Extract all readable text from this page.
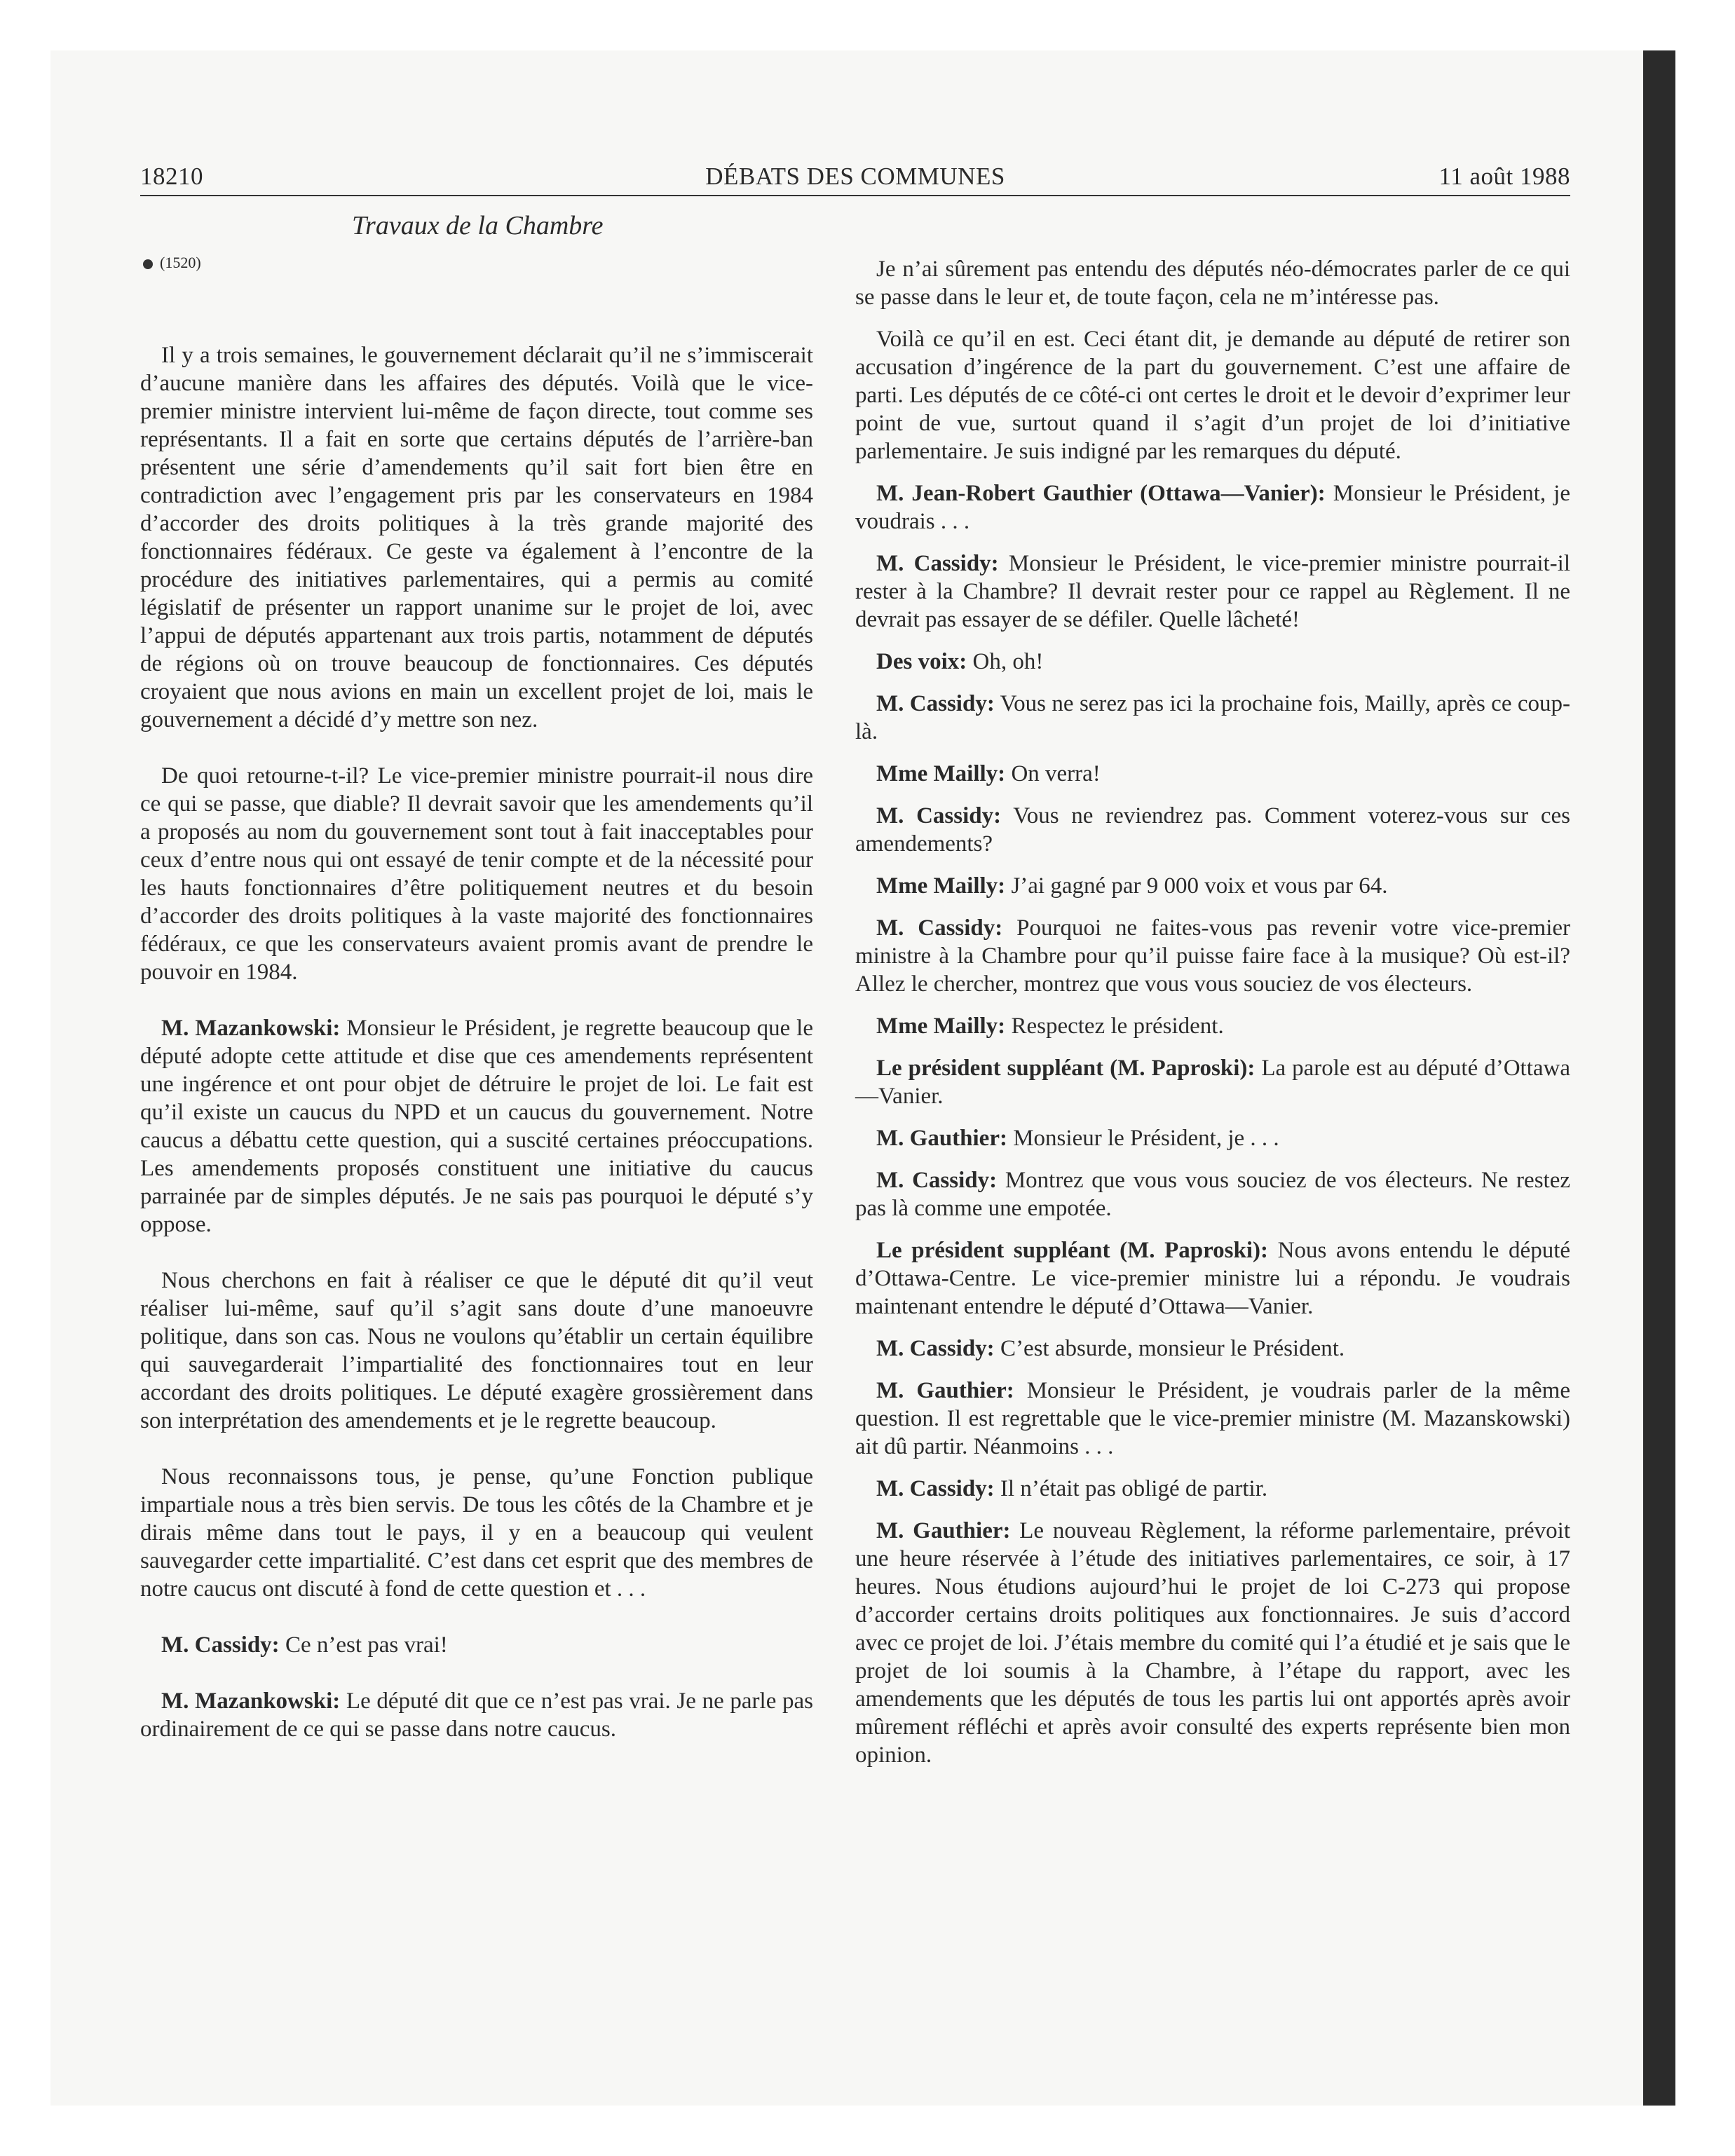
18210	DÉBATS DES COMMUNES	11 août 1988
Travaux de la Chambre
(1520)

Il y a trois semaines, le gouvernement déclarait qu’il ne s’immiscerait d’aucune manière dans les affaires des députés. Voilà que le vice-premier ministre intervient lui-même de façon directe, tout comme ses représentants. Il a fait en sorte que certains députés de l’arrière-ban présentent une série d’amendements qu’il sait fort bien être en contradiction avec l’engagement pris par les conservateurs en 1984 d’accorder des droits politiques à la très grande majorité des fonctionnaires fédéraux. Ce geste va également à l’encontre de la procédure des initiatives parlementaires, qui a permis au comité législatif de présenter un rapport unanime sur le projet de loi, avec l’appui de députés appartenant aux trois partis, notamment de députés de régions où on trouve beaucoup de fonctionnaires. Ces députés croyaient que nous avions en main un excellent projet de loi, mais le gouvernement a décidé d’y mettre son nez.

De quoi retourne-t-il? Le vice-premier ministre pourrait-il nous dire ce qui se passe, que diable? Il devrait savoir que les amendements qu’il a proposés au nom du gouvernement sont tout à fait inacceptables pour ceux d’entre nous qui ont essayé de tenir compte et de la nécessité pour les hauts fonctionnaires d’être politiquement neutres et du besoin d’accorder des droits politiques à la vaste majorité des fonctionnaires fédéraux, ce que les conservateurs avaient promis avant de prendre le pouvoir en 1984.

M. Mazankowski: Monsieur le Président, je regrette beaucoup que le député adopte cette attitude et dise que ces amendements représentent une ingérence et ont pour objet de détruire le projet de loi. Le fait est qu’il existe un caucus du NPD et un caucus du gouvernement. Notre caucus a débattu cette question, qui a suscité certaines préoccupations. Les amendements proposés constituent une initiative du caucus parrainée par de simples députés. Je ne sais pas pourquoi le député s’y oppose.

Nous cherchons en fait à réaliser ce que le député dit qu’il veut réaliser lui-même, sauf qu’il s’agit sans doute d’une manoeuvre politique, dans son cas. Nous ne voulons qu’établir un certain équilibre qui sauvegarderait l’impartialité des fonctionnaires tout en leur accordant des droits politiques. Le député exagère grossièrement dans son interprétation des amendements et je le regrette beaucoup.

Nous reconnaissons tous, je pense, qu’une Fonction publique impartiale nous a très bien servis. De tous les côtés de la Chambre et je dirais même dans tout le pays, il y en a beaucoup qui veulent sauvegarder cette impartialité. C’est dans cet esprit que des membres de notre caucus ont discuté à fond de cette question et . . .

M. Cassidy: Ce n’est pas vrai!

M. Mazankowski: Le député dit que ce n’est pas vrai. Je ne parle pas ordinairement de ce qui se passe dans notre caucus.

Je n’ai sûrement pas entendu des députés néo-démocrates parler de ce qui se passe dans le leur et, de toute façon, cela ne m’intéresse pas.

Voilà ce qu’il en est. Ceci étant dit, je demande au député de retirer son accusation d’ingérence de la part du gouvernement. C’est une affaire de parti. Les députés de ce côté-ci ont certes le droit et le devoir d’exprimer leur point de vue, surtout quand il s’agit d’un projet de loi d’initiative parlementaire. Je suis indigné par les remarques du député.

M. Jean-Robert Gauthier (Ottawa—Vanier): Monsieur le Président, je voudrais . . .

M. Cassidy: Monsieur le Président, le vice-premier ministre pourrait-il rester à la Chambre? Il devrait rester pour ce rappel au Règlement. Il ne devrait pas essayer de se défiler. Quelle lâcheté!

Des voix: Oh, oh!

M. Cassidy: Vous ne serez pas ici la prochaine fois, Mailly, après ce coup-là.

Mme Mailly: On verra!

M. Cassidy: Vous ne reviendrez pas. Comment voterez-vous sur ces amendements?

Mme Mailly: J’ai gagné par 9 000 voix et vous par 64.

M. Cassidy: Pourquoi ne faites-vous pas revenir votre vice-premier ministre à la Chambre pour qu’il puisse faire face à la musique? Où est-il? Allez le chercher, montrez que vous vous souciez de vos électeurs.

Mme Mailly: Respectez le président.

Le président suppléant (M. Paproski): La parole est au député d’Ottawa—Vanier.

M. Gauthier: Monsieur le Président, je . . .

M. Cassidy: Montrez que vous vous souciez de vos électeurs. Ne restez pas là comme une empotée.

Le président suppléant (M. Paproski): Nous avons entendu le député d’Ottawa-Centre. Le vice-premier ministre lui a répondu. Je voudrais maintenant entendre le député d’Ottawa—Vanier.

M. Cassidy: C’est absurde, monsieur le Président.

M. Gauthier: Monsieur le Président, je voudrais parler de la même question. Il est regrettable que le vice-premier ministre (M. Mazanskowski) ait dû partir. Néanmoins . . .

M. Cassidy: Il n’était pas obligé de partir.

M. Gauthier: Le nouveau Règlement, la réforme parlementaire, prévoit une heure réservée à l’étude des initiatives parlementaires, ce soir, à 17 heures. Nous étudions aujourd’hui le projet de loi C-273 qui propose d’accorder certains droits politiques aux fonctionnaires. Je suis d’accord avec ce projet de loi. J’étais membre du comité qui l’a étudié et je sais que le projet de loi soumis à la Chambre, à l’étape du rapport, avec les amendements que les députés de tous les partis lui ont apportés après avoir mûrement réfléchi et après avoir consulté des experts représente bien mon opinion.
